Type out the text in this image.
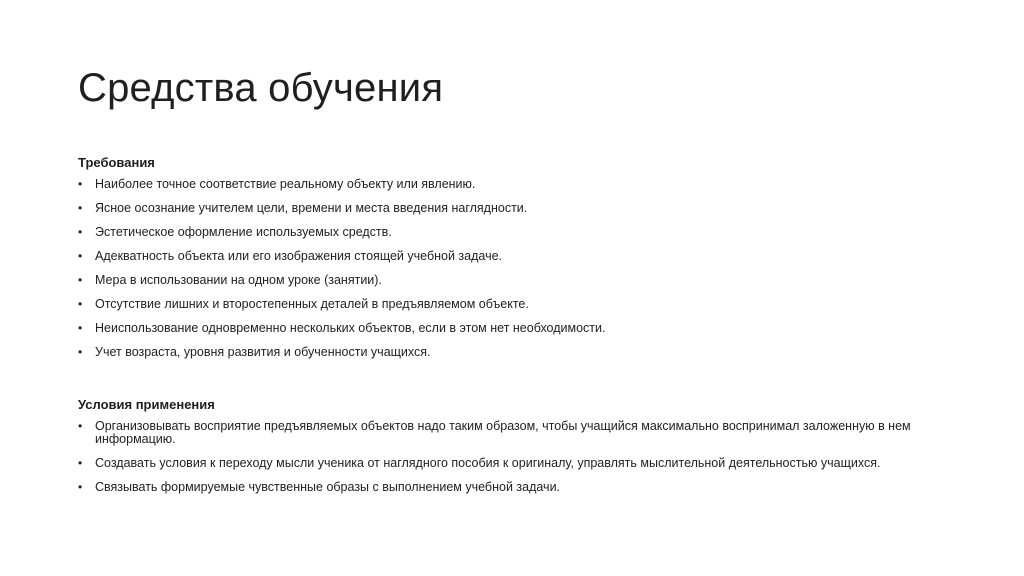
Средства обучения
Требования
• Наиболее точное соответствие реальному объекту или явлению.
• Ясное осознание учителем цели, времени и места введения наглядности.
• Эстетическое оформление используемых средств.
• Адекватность объекта или его изображения стоящей учебной задаче.
• Мера в использовании на одном уроке (занятии).
• Отсутствие лишних и второстепенных деталей в предъявляемом объекте.
• Неиспользование одновременно нескольких объектов, если в этом нет необходимости.
• Учет возраста, уровня развития и обученности учащихся.
Условия применения
• Организовывать восприятие предъявляемых объектов надо таким образом, чтобы учащийся максимально воспринимал заложенную в нем информацию.
• Создавать условия к переходу мысли ученика от наглядного пособия к оригиналу, управлять мыслительной деятельностью учащихся.
• Связывать формируемые чувственные образы с выполнением учебной задачи.
